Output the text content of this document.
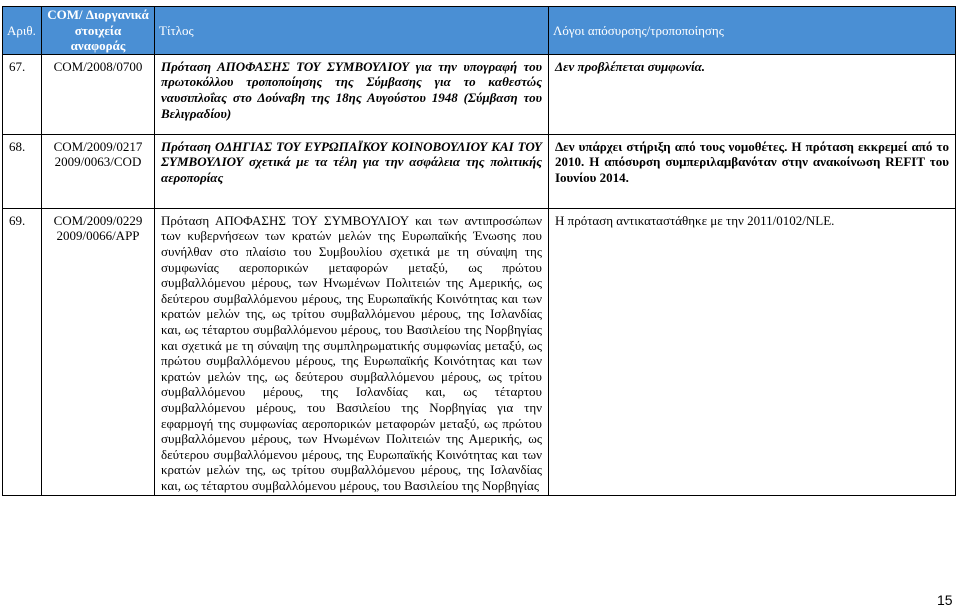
Αριθ.	COM/ Διοργανικά στοιχεία αναφοράς	Τίτλος	Λόγοι απόσυρσης/τροποποίησης
67.	COM/2008/0700	Πρόταση ΑΠΟΦΑΣΗΣ ΤΟΥ ΣΥΜΒΟΥΛΙΟΥ για την υπογραφή του πρωτοκόλλου τροποποίησης της Σύμβασης για το καθεστώς ναυσιπλοΐας στο Δούναβη της 18ης Αυγούστου 1948 (Σύμβαση του Βελιγραδίου)	Δεν προβλέπεται συμφωνία.
68.	COM/2009/0217 2009/0063/COD	Πρόταση ΟΔΗΓΙΑΣ ΤΟΥ ΕΥΡΩΠΑΪΚΟΥ ΚΟΙΝΟΒΟΥΛΙΟΥ ΚΑΙ ΤΟΥ ΣΥΜΒΟΥΛΙΟΥ σχετικά με τα τέλη για την ασφάλεια της πολιτικής αεροπορίας	Δεν υπάρχει στήριξη από τους νομοθέτες. Η πρόταση εκκρεμεί από το 2010. Η απόσυρση συμπεριλαμβανόταν στην ανακοίνωση REFIT του Ιουνίου 2014.
69.	COM/2009/0229 2009/0066/APP	Πρόταση ΑΠΟΦΑΣΗΣ ΤΟΥ ΣΥΜΒΟΥΛΙΟΥ και των αντιπροσώπων των κυβερνήσεων των κρατών μελών της Ευρωπαϊκής Ένωσης που συνήλθαν στο πλαίσιο του Συμβουλίου σχετικά με τη σύναψη της συμφωνίας αεροπορικών μεταφορών μεταξύ, ως πρώτου συμβαλλόμενου μέρους, των Ηνωμένων Πολιτειών της Αμερικής, ως δεύτερου συμβαλλόμενου μέρους, της Ευρωπαϊκής Κοινότητας και των κρατών μελών της, ως τρίτου συμβαλλόμενου μέρους, της Ισλανδίας και, ως τέταρτου συμβαλλόμενου μέρους, του Βασιλείου της Νορβηγίας και σχετικά με τη σύναψη της συμπληρωματικής συμφωνίας μεταξύ, ως πρώτου συμβαλλόμενου μέρους, της Ευρωπαϊκής Κοινότητας και των κρατών μελών της, ως δεύτερου συμβαλλόμενου μέρους, ως τρίτου συμβαλλόμενου μέρους, της Ισλανδίας και, ως τέταρτου συμβαλλόμενου μέρους, του Βασιλείου της Νορβηγίας για την εφαρμογή της συμφωνίας αεροπορικών μεταφορών μεταξύ, ως πρώτου συμβαλλόμενου μέρους, των Ηνωμένων Πολιτειών της Αμερικής, ως δεύτερου συμβαλλόμενου μέρους, της Ευρωπαϊκής Κοινότητας και των κρατών μελών της, ως τρίτου συμβαλλόμενου μέρους, της Ισλανδίας και, ως τέταρτου συμβαλλόμενου μέρους, του Βασιλείου της Νορβηγίας	Η πρόταση αντικαταστάθηκε με την 2011/0102/NLE.
15
